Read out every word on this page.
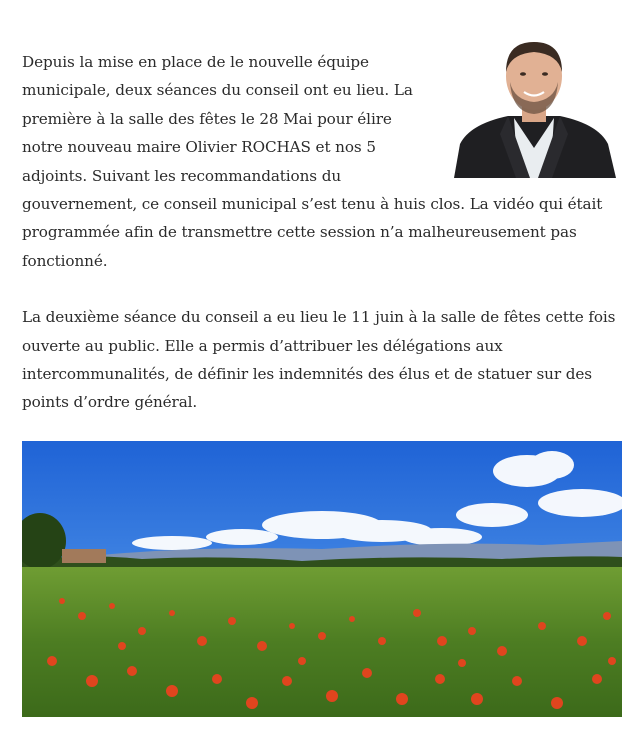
Depuis la mise en place de le nouvelle équipe municipale, deux séances du conseil ont eu lieu. La première à la salle des fêtes le 28 Mai pour élire notre nouveau maire Olivier ROCHAS et nos 5 adjoints. Suivant les recommandations du gouvernement, ce conseil municipal s’est tenu à huis clos. La vidéo qui était programmée afin de transmettre cette session n’a malheureusement pas fonctionné.

La deuxième séance du conseil a eu lieu le 11 juin à la salle de fêtes cette fois ouverte au public. Elle a permis d’attribuer les délégations aux intercommunalités, de définir les indemnités des élus et de statuer sur des points d’ordre général.
